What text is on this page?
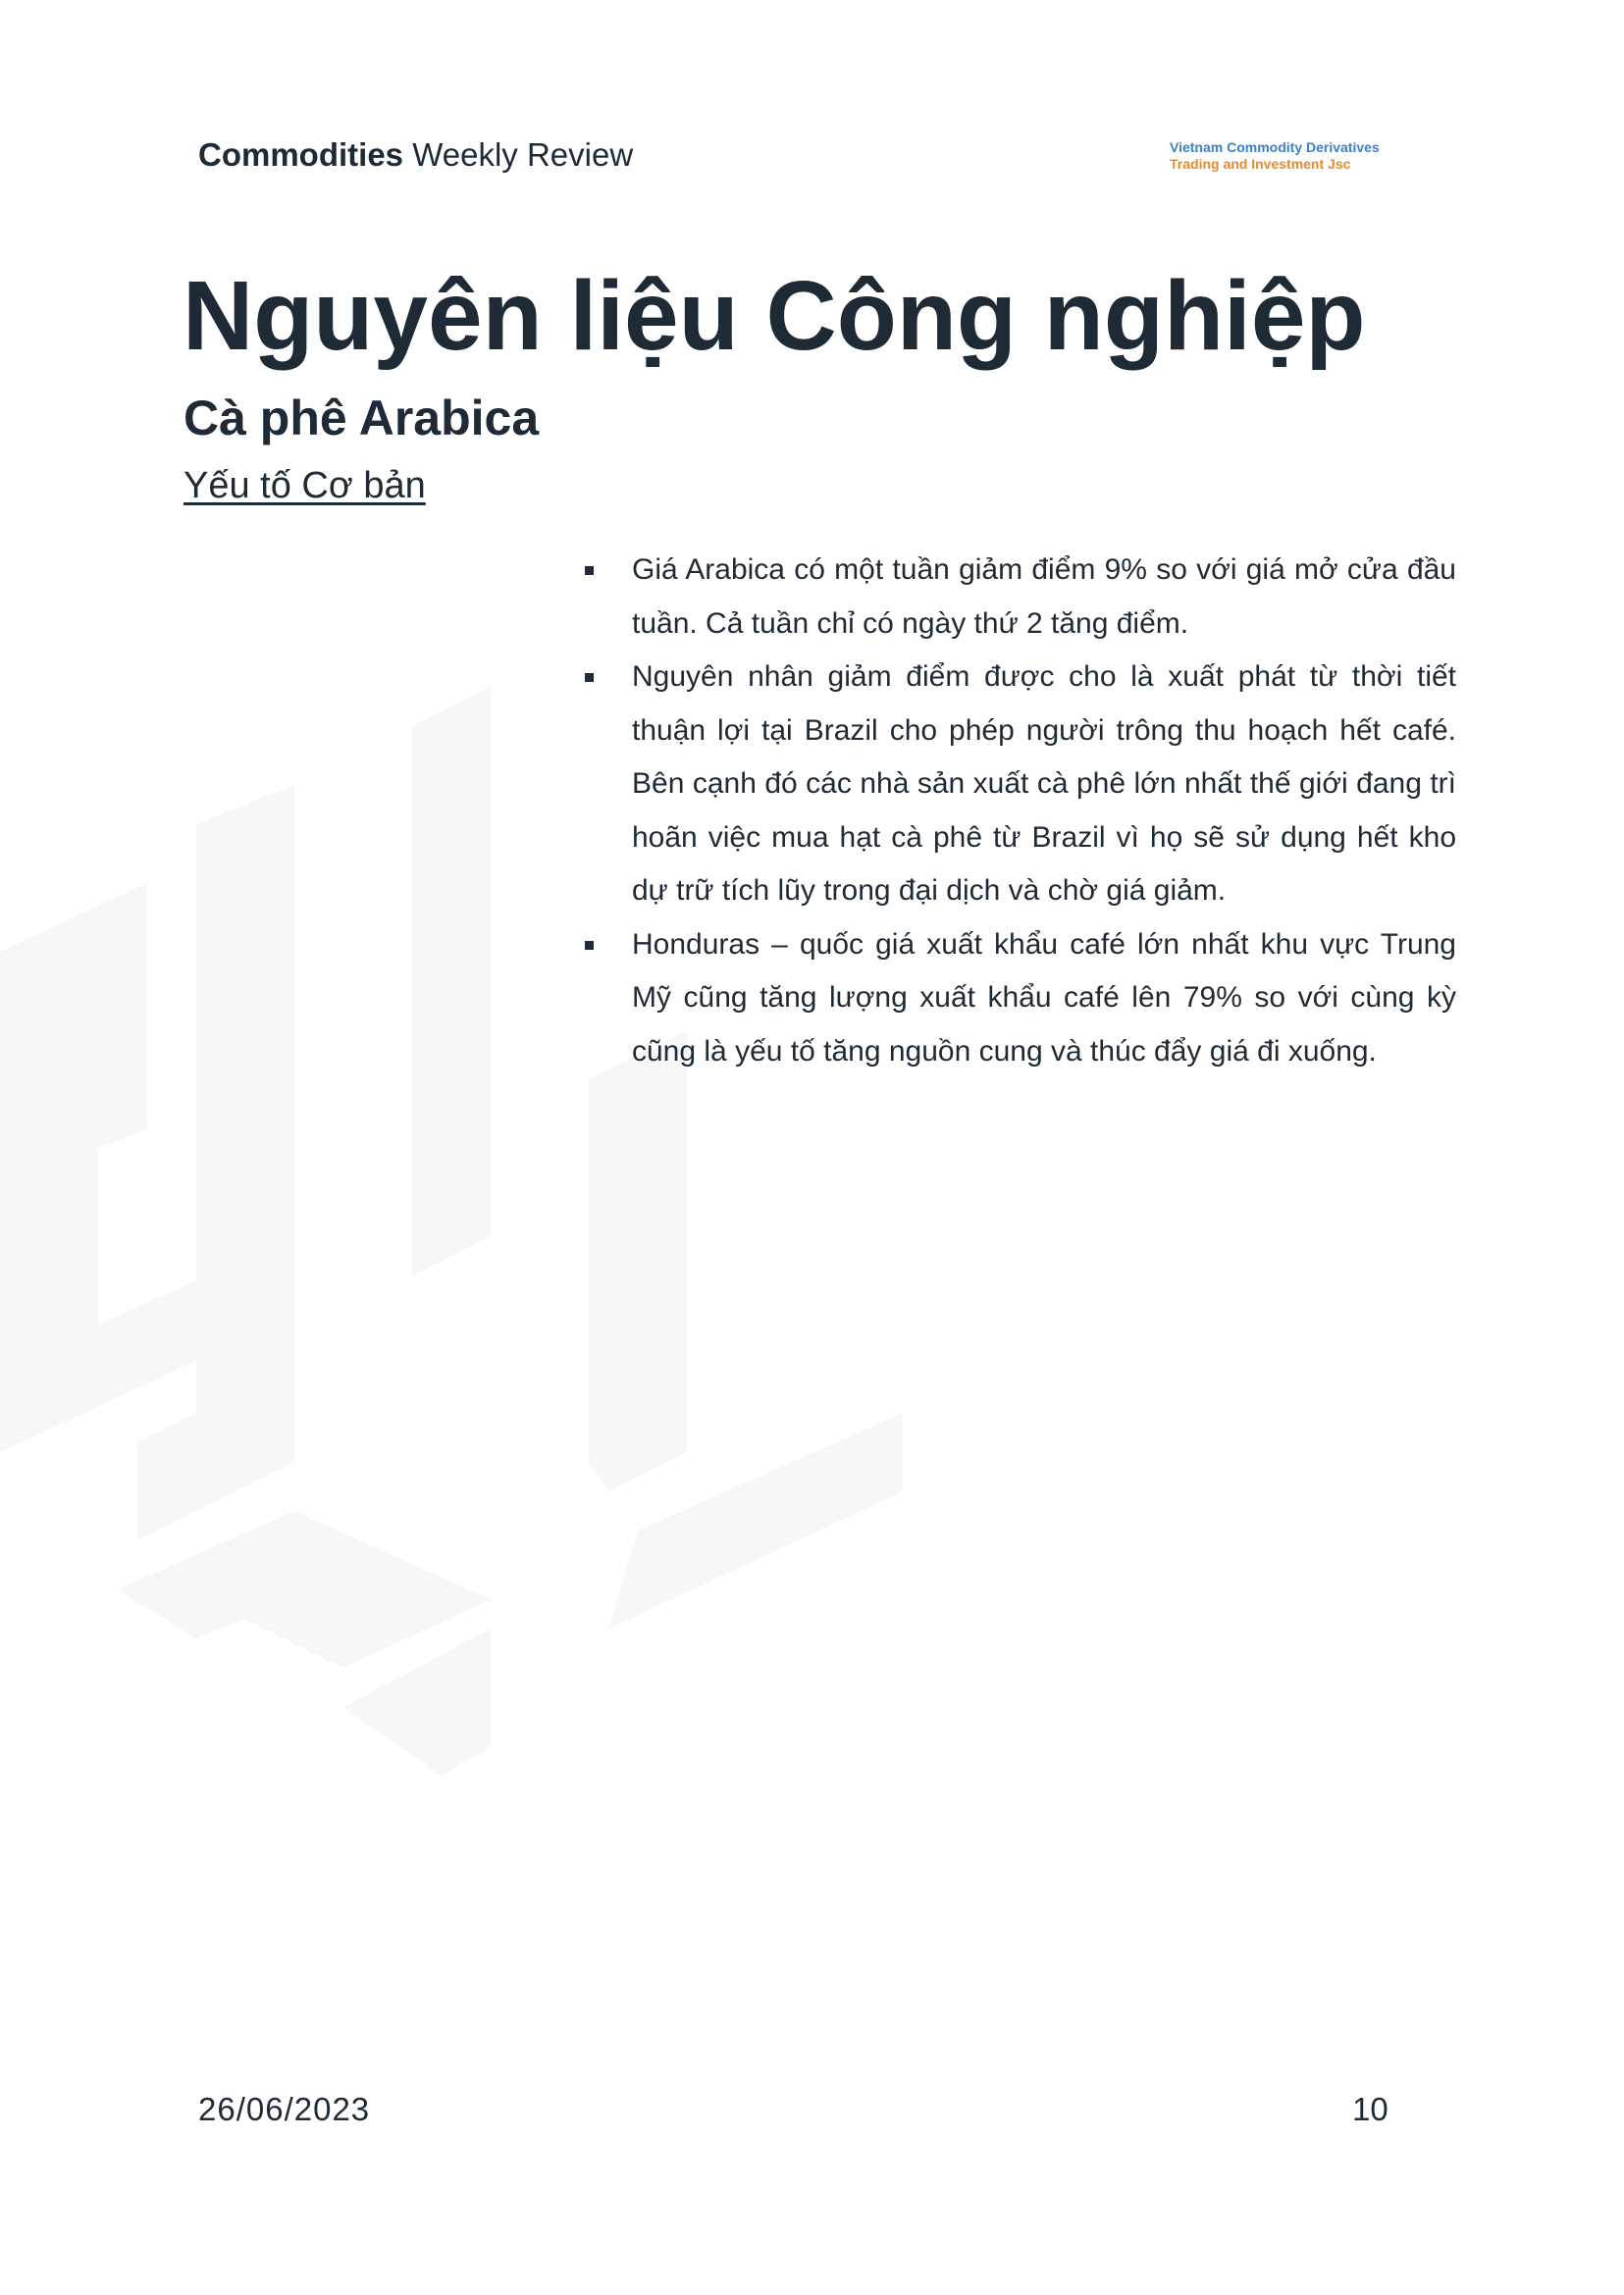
Commodities Weekly Review	Vietnam Commodity Derivatives
Trading and Investment Jsc
Nguyên liệu Công nghiệp
Cà phê Arabica
Yếu tố Cơ bản
Giá Arabica có một tuần giảm điểm 9% so với giá mở cửa đầu tuần. Cả tuần chỉ có ngày thứ 2 tăng điểm.
Nguyên nhân giảm điểm được cho là xuất phát từ thời tiết thuận lợi tại Brazil cho phép người trông thu hoạch hết café. Bên cạnh đó các nhà sản xuất cà phê lớn nhất thế giới đang trì hoãn việc mua hạt cà phê từ Brazil vì họ sẽ sử dụng hết kho dự trữ tích lũy trong đại dịch và chờ giá giảm.
Honduras – quốc giá xuất khẩu café lớn nhất khu vực Trung Mỹ cũng tăng lượng xuất khẩu café lên 79% so với cùng kỳ cũng là yếu tố tăng nguồn cung và thúc đẩy giá đi xuống.
26/06/2023	10
